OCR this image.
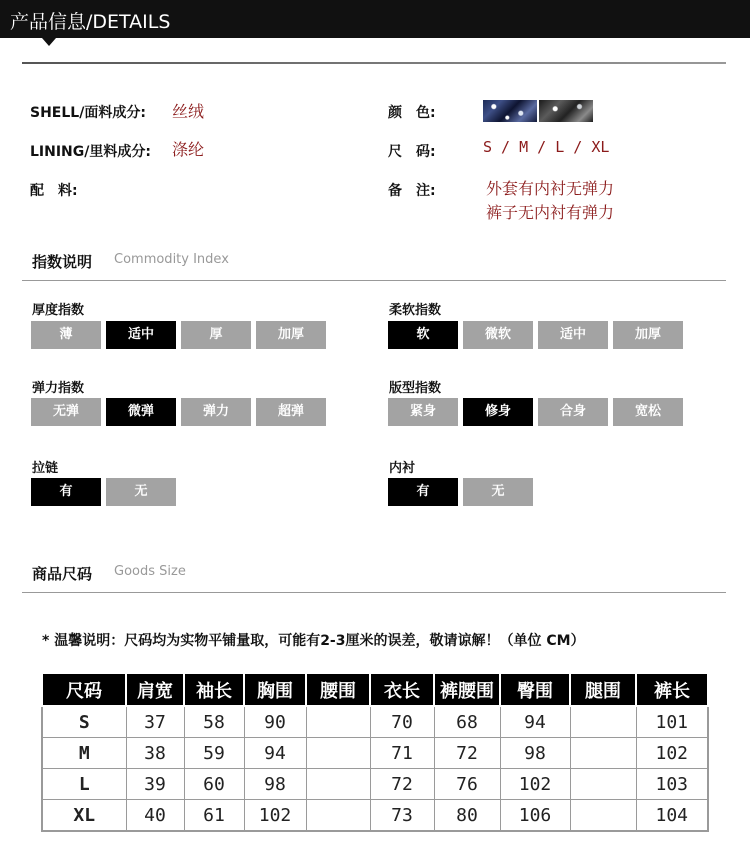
产品信息/DETAILS
SHELL/面料成分: 丝绒
LINING/里料成分: 涤纶
配　料:
颜　色:
尺　码:	S / M / L / XL
备　注:	外套有内衬无弹力
裤子无内衬有弹力
指数说明 Commodity Index
厚度指数
薄	适中	厚	加厚
柔软指数
软	微软	适中	加厚
弹力指数
无弹	微弹	弹力	超弹
版型指数
紧身	修身	合身	宽松
拉链
有	无
内衬
有	无
商品尺码 Goods Size
* 温馨说明：尺码均为实物平铺量取，可能有2-3厘米的误差，敬请谅解！（单位 CM）
尺码	肩宽	袖长	胸围	腰围	衣长	裤腰围	臀围	腿围	裤长
S	37	58	90		70	68	94		101
M	38	59	94		71	72	98		102
L	39	60	98		72	76	102		103
XL	40	61	102		73	80	106		104
